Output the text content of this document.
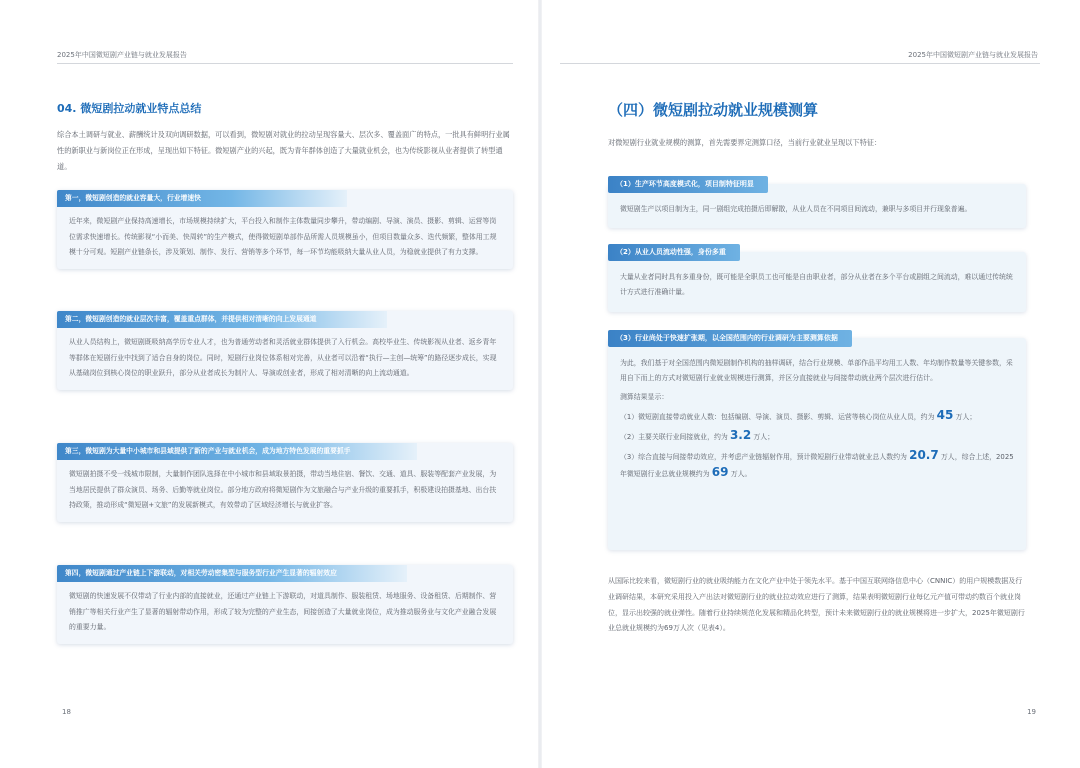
2025年中国微短剧产业链与就业发展报告
04. 微短剧拉动就业特点总结
综合本土调研与就业、薪酬统计及双向调研数据，可以看到，微短剧对就业的拉动呈现容量大、层次多、覆盖面广的特点，一批具有鲜明行业属性的新职业与新岗位正在形成，呈现出如下特征。微短剧产业的兴起，既为青年群体创造了大量就业机会，也为传统影视从业者提供了转型通道。
第一，微短剧创造的就业容量大，行业增速快
近年来，微短剧产业保持高速增长，市场规模持续扩大，平台投入和制作主体数量同步攀升，带动编剧、导演、演员、摄影、剪辑、运营等岗位需求快速增长。传统影视“小而美、快周转”的生产模式，使得微短剧单部作品所需人员规模虽小，但项目数量众多、迭代频繁，整体用工规模十分可观。短剧产业链条长，涉及策划、制作、发行、营销等多个环节，每一环节均能吸纳大量从业人员，为稳就业提供了有力支撑。
第二，微短剧创造的就业层次丰富，覆盖重点群体，并提供相对清晰的向上发展通道
从业人员结构上，微短剧既吸纳高学历专业人才，也为普通劳动者和灵活就业群体提供了入行机会。高校毕业生、传统影视从业者、返乡青年等群体在短剧行业中找到了适合自身的岗位。同时，短剧行业岗位体系相对完善，从业者可以沿着“执行—主创—统筹”的路径逐步成长，实现从基础岗位到核心岗位的职业跃升，部分从业者成长为制片人、导演或创业者，形成了相对清晰的向上流动通道。
第三，微短剧为大量中小城市和县域提供了新的产业与就业机会，成为地方特色发展的重要抓手
微短剧拍摄不受一线城市限制，大量制作团队选择在中小城市和县域取景拍摄，带动当地住宿、餐饮、交通、道具、服装等配套产业发展，为当地居民提供了群众演员、场务、后勤等就业岗位。部分地方政府将微短剧作为文旅融合与产业升级的重要抓手，积极建设拍摄基地、出台扶持政策，推动形成“微短剧+文旅”的发展新模式，有效带动了区域经济增长与就业扩容。
第四，微短剧通过产业链上下游联动，对相关劳动密集型与服务型行业产生显著的辐射效应
微短剧的快速发展不仅带动了行业内部的直接就业，还通过产业链上下游联动，对道具制作、服装租赁、场地服务、设备租赁、后期制作、营销推广等相关行业产生了显著的辐射带动作用，形成了较为完整的产业生态，间接创造了大量就业岗位，成为推动服务业与文化产业融合发展的重要力量。
18
2025年中国微短剧产业链与就业发展报告
（四）微短剧拉动就业规模测算
对微短剧行业就业规模的测算，首先需要界定测算口径，当前行业就业呈现以下特征：
微短剧生产以项目制为主，同一剧组完成拍摄后即解散，从业人员在不同项目间流动，兼职与多项目并行现象普遍。
（1）生产环节高度模式化，项目制特征明显
大量从业者同时具有多重身份，既可能是全职员工也可能是自由职业者，部分从业者在多个平台或剧组之间流动，难以通过传统统计方式进行准确计量。
（2）从业人员流动性强，身份多重
为此，我们基于对全国范围内微短剧制作机构的抽样调研，结合行业规模、单部作品平均用工人数、年均制作数量等关键参数，采用自下而上的方式对微短剧行业就业规模进行测算，并区分直接就业与间接带动就业两个层次进行估计。
测算结果显示：
（1）微短剧直接带动就业人数：包括编剧、导演、演员、摄影、剪辑、运营等核心岗位从业人员，约为 45 万人；
（2）主要关联行业间接就业，约为 3.2 万人；
（3）综合直接与间接带动效应，并考虑产业链辐射作用，预计微短剧行业带动就业总人数约为 20.7 万人，综合上述，2025年微短剧行业总就业规模约为 69 万人。
（3）行业尚处于快速扩张期，以全国范围内的行业调研为主要测算依据
从国际比较来看，微短剧行业的就业吸纳能力在文化产业中处于领先水平。基于中国互联网络信息中心（CNNIC）的用户规模数据及行业调研结果，本研究采用投入产出法对微短剧行业的就业拉动效应进行了测算，结果表明微短剧行业每亿元产值可带动约数百个就业岗位，显示出较强的就业弹性。随着行业持续规范化发展和精品化转型，预计未来微短剧行业的就业规模将进一步扩大，2025年微短剧行业总就业规模约为69万人次（见表4）。
19
